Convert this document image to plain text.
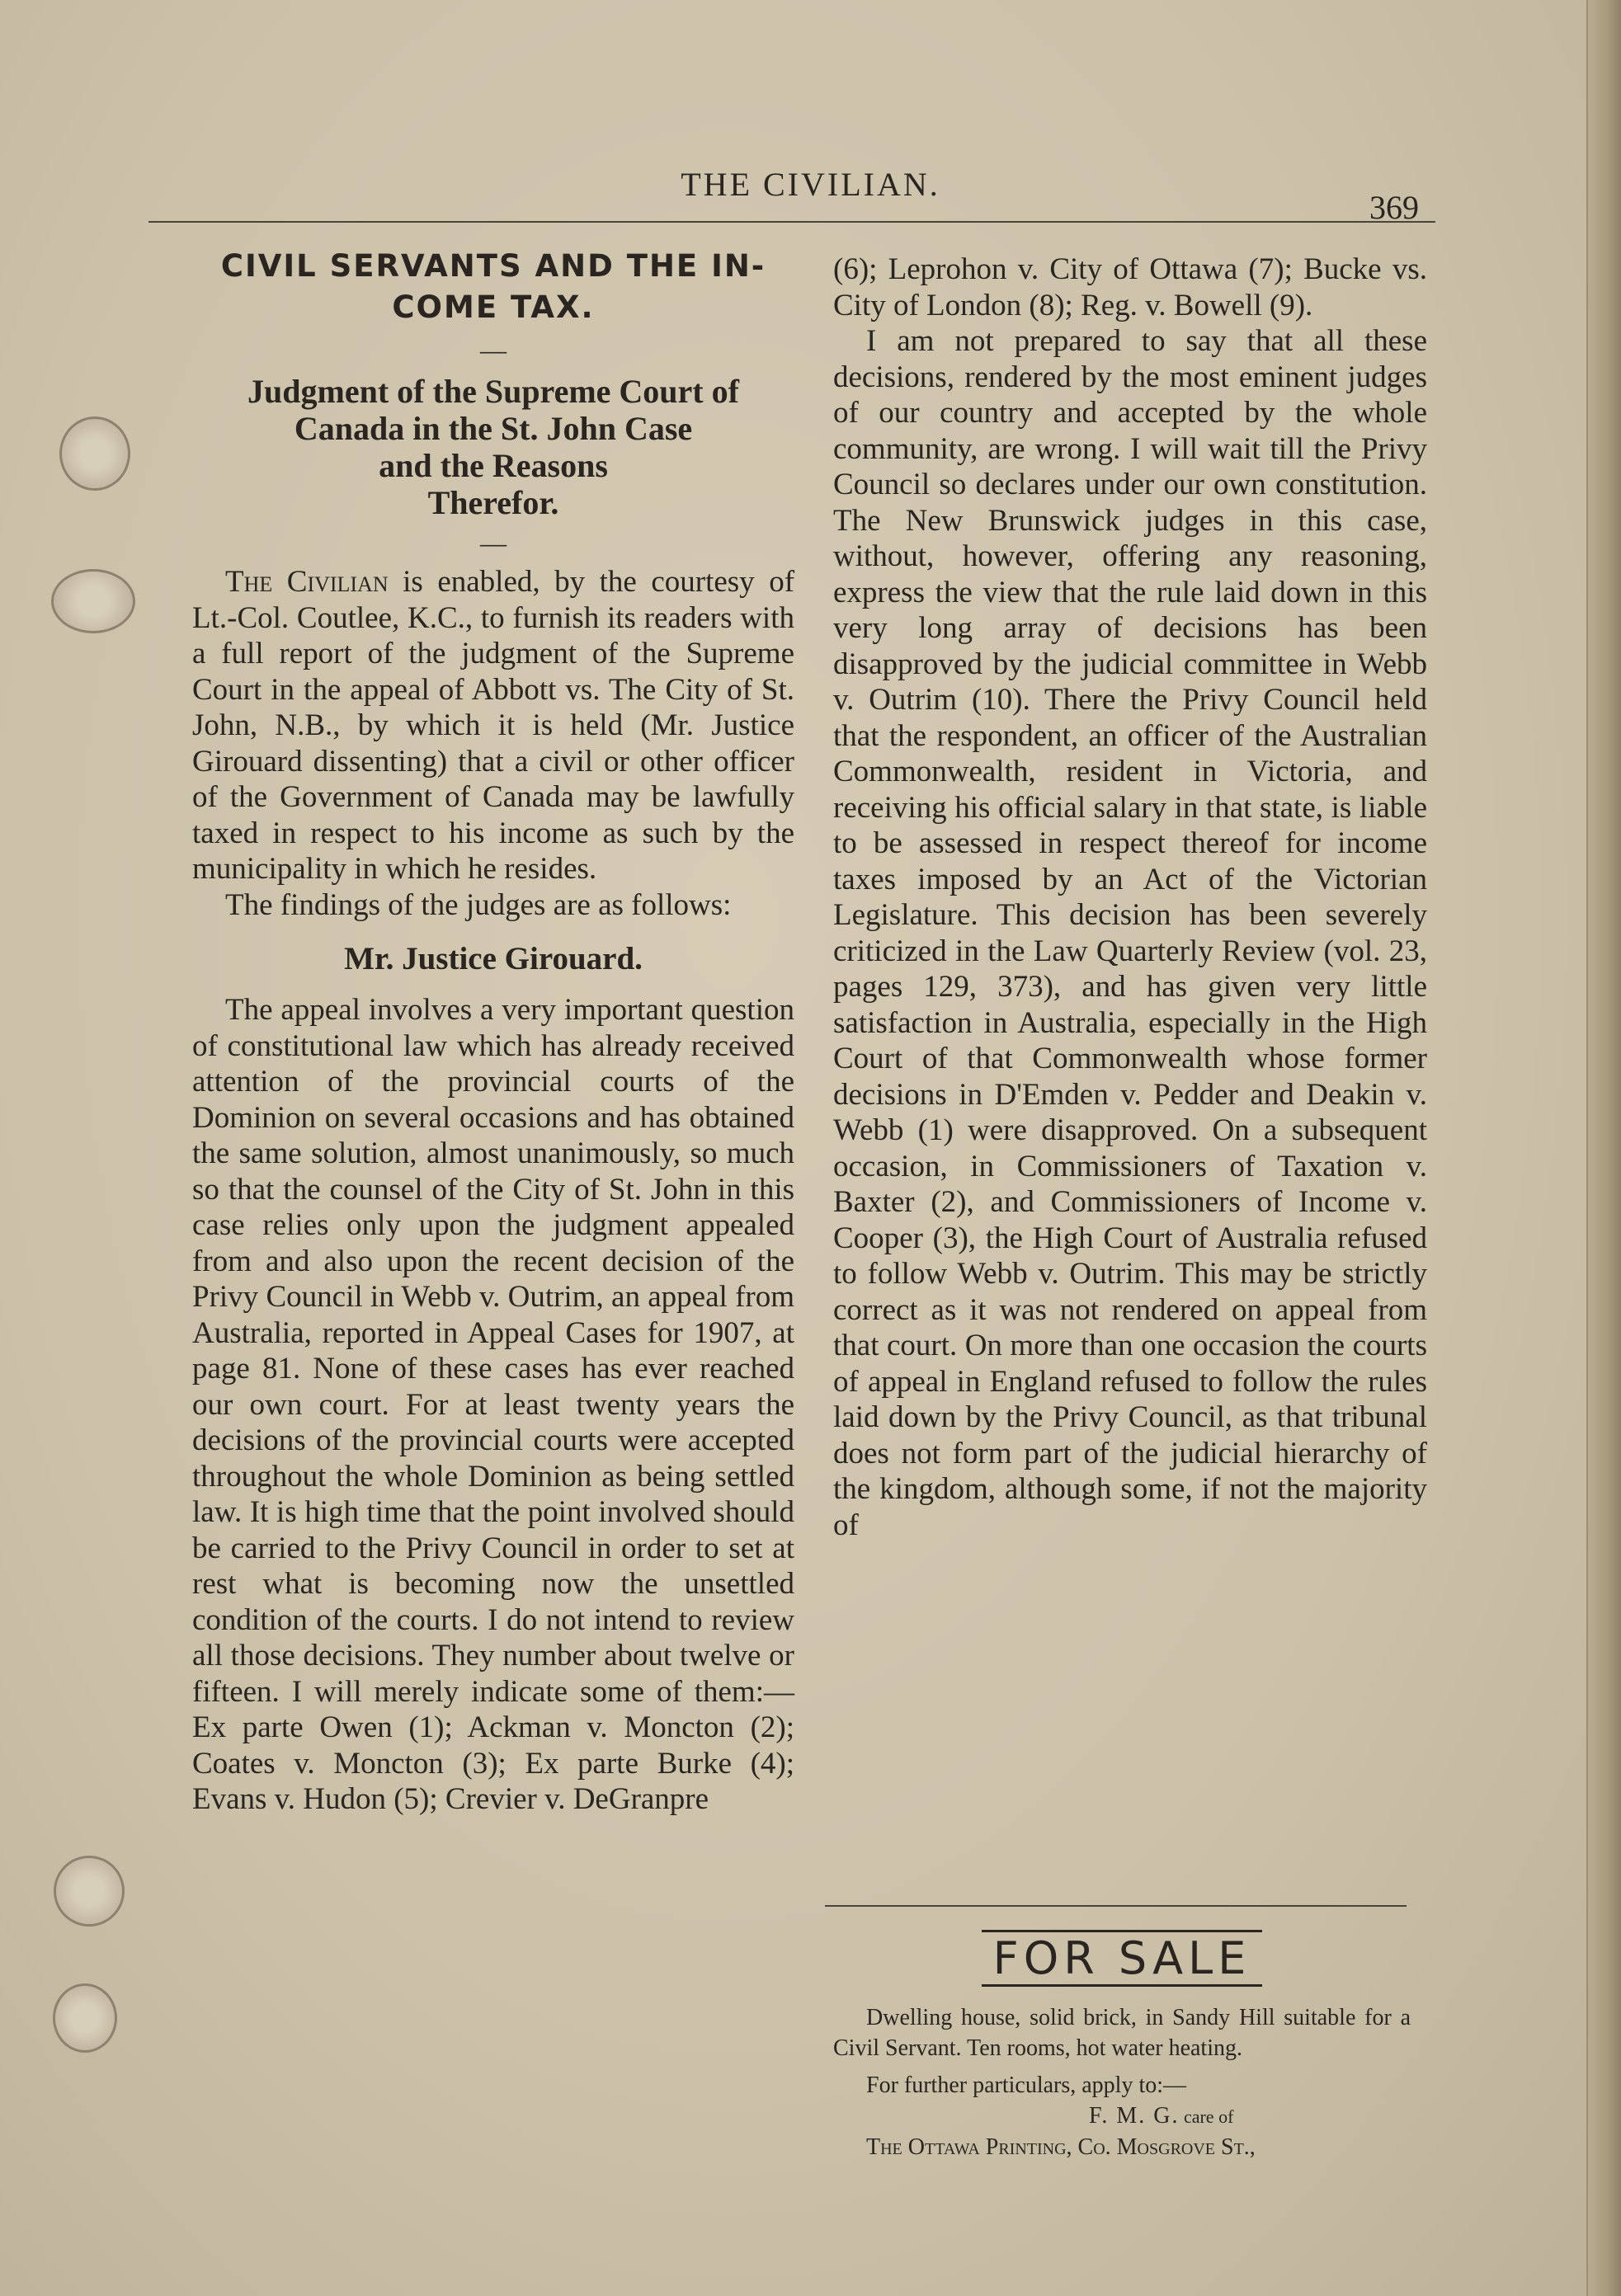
THE CIVILIAN.
369
CIVIL SERVANTS AND THE IN-
COME TAX.
—
Judgment of the Supreme Court of
Canada in the St. John Case
and the Reasons
Therefor.
—

The Civilian is enabled, by the courtesy of Lt.-Col. Coutlee, K.C., to furnish its readers with a full report of the judgment of the Supreme Court in the appeal of Abbott vs. The City of St. John, N.B., by which it is held (Mr. Justice Girouard dissenting) that a civil or other officer of the Government of Canada may be lawfully taxed in respect to his income as such by the municipality in which he resides.

The findings of the judges are as follows:

Mr. Justice Girouard.

The appeal involves a very important question of constitutional law which has already received attention of the provincial courts of the Dominion on several occasions and has obtained the same solution, almost unanimously, so much so that the counsel of the City of St. John in this case relies only upon the judgment appealed from and also upon the recent decision of the Privy Council in Webb v. Outrim, an appeal from Australia, reported in Appeal Cases for 1907, at page 81. None of these cases has ever reached our own court. For at least twenty years the decisions of the provincial courts were accepted throughout the whole Dominion as being settled law. It is high time that the point involved should be carried to the Privy Council in order to set at rest what is becoming now the unsettled condition of the courts. I do not intend to review all those decisions. They number about twelve or fifteen. I will merely indicate some of them:—Ex parte Owen (1); Ackman v. Moncton (2); Coates v. Moncton (3); Ex parte Burke (4); Evans v. Hudon (5); Crevier v. DeGranpre

(6); Leprohon v. City of Ottawa (7); Bucke vs. City of London (8); Reg. v. Bowell (9).

I am not prepared to say that all these decisions, rendered by the most eminent judges of our country and accepted by the whole community, are wrong. I will wait till the Privy Council so declares under our own constitution. The New Brunswick judges in this case, without, however, offering any reasoning, express the view that the rule laid down in this very long array of decisions has been disapproved by the judicial committee in Webb v. Outrim (10). There the Privy Council held that the respondent, an officer of the Australian Commonwealth, resident in Victoria, and receiving his official salary in that state, is liable to be assessed in respect thereof for income taxes imposed by an Act of the Victorian Legislature. This decision has been severely criticized in the Law Quarterly Review (vol. 23, pages 129, 373), and has given very little satisfaction in Australia, especially in the High Court of that Commonwealth whose former decisions in D'Emden v. Pedder and Deakin v. Webb (1) were disapproved. On a subsequent occasion, in Commissioners of Taxation v. Baxter (2), and Commissioners of Income v. Cooper (3), the High Court of Australia refused to follow Webb v. Outrim. This may be strictly correct as it was not rendered on appeal from that court. On more than one occasion the courts of appeal in England refused to follow the rules laid down by the Privy Council, as that tribunal does not form part of the judicial hierarchy of the kingdom, although some, if not the majority of

FOR SALE

Dwelling house, solid brick, in Sandy Hill suitable for a Civil Servant. Ten rooms, hot water heating.

For further particulars, apply to:—

F. M. G. care of

The Ottawa Printing, Co. Mosgrove St.,
